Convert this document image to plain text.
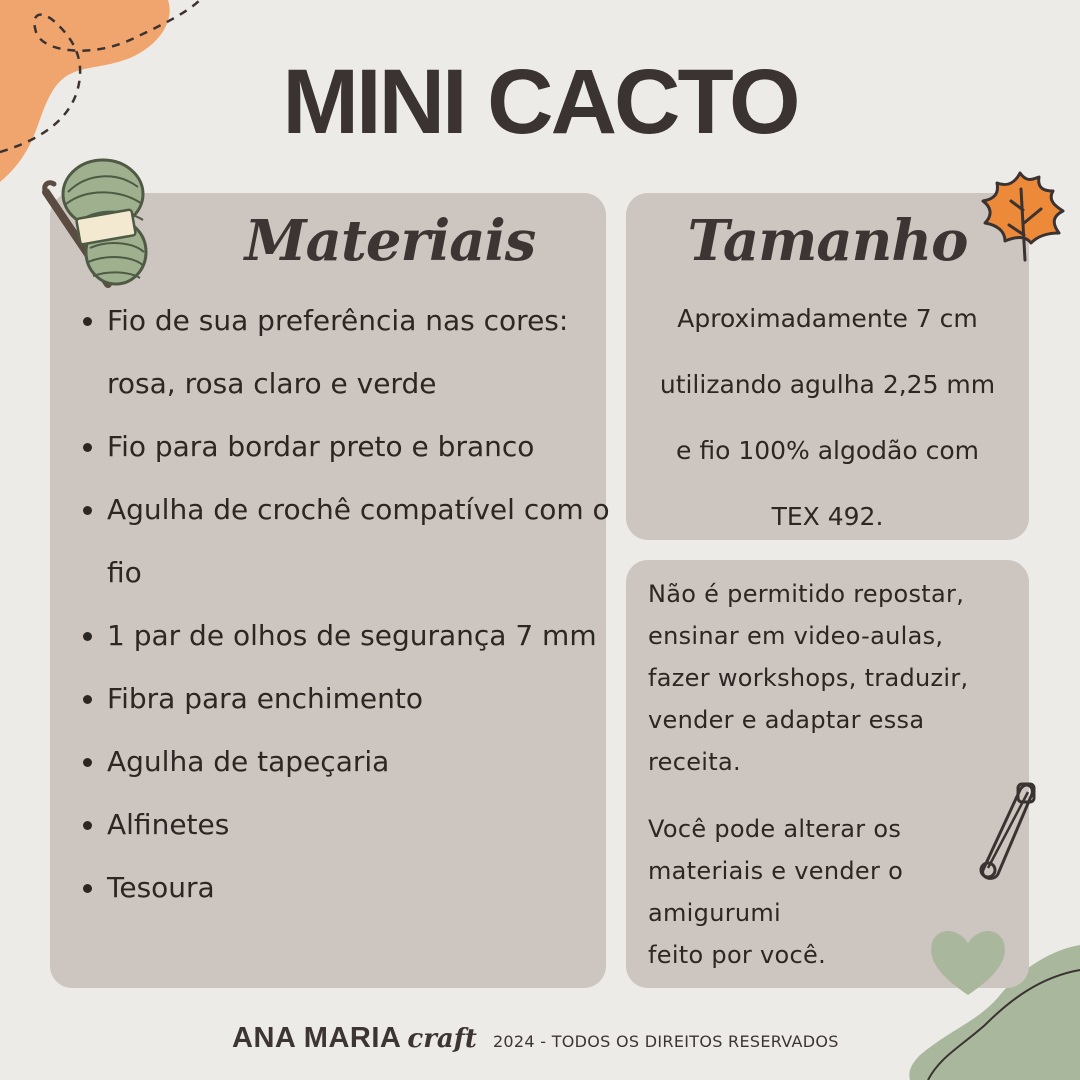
MINI CACTO
Materiais	Tamanho
• Fio de sua preferência nas cores: rosa, rosa claro e verde
• Fio para bordar preto e branco
• Agulha de crochê compatível com o fio
• 1 par de olhos de segurança 7 mm
• Fibra para enchimento
• Agulha de tapeçaria
• Alfinetes
• Tesoura
Aproximadamente 7 cm
utilizando agulha 2,25 mm
e fio 100% algodão com
TEX 492.
Não é permitido repostar,
ensinar em video-aulas,
fazer workshops, traduzir,
vender e adaptar essa
receita.
Você pode alterar os
materiais e vender o
amigurumi
feito por você.
ANA MARIA craft 2024 - TODOS OS DIREITOS RESERVADOS
